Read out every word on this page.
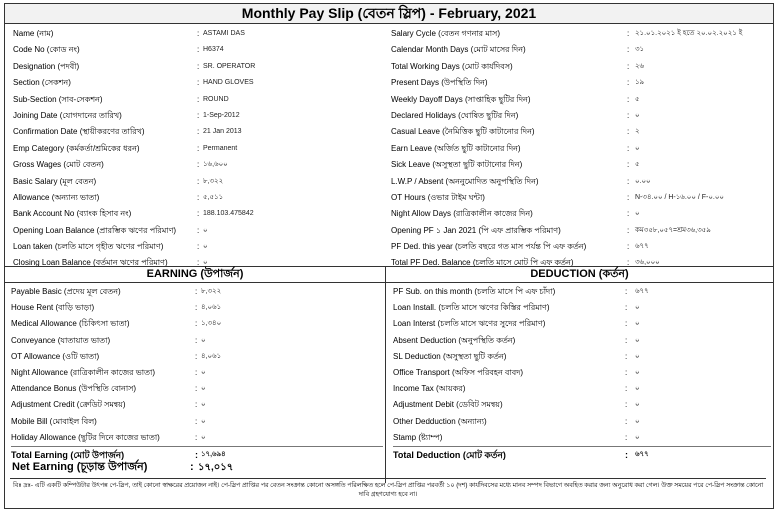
Monthly Pay Slip (বেতন স্লিপ) - February, 2021
Name (নাম)	: ASTAMI DAS
Code No (কোড নং)	: H6374
Designation (পদবী)	: SR. OPERATOR
Section (সেকশন)	: HAND GLOVES
Sub-Section (সাব-সেকশন)	: ROUND
Joining Date (যোগদানের তারিখ)	: 1-Sep-2012
Confirmation Date (স্থায়ীকরণের তারিখ)	: 21 Jan 2013
Emp Category (কর্মকর্তা/শ্রমিকের ধরন)	: Permanent
Gross Wages (মোট বেতন)	: ১৬,৬০০
Basic Salary (মূল বেতন)	: ৮,৩২২
Allowance (অন্যান্য ভাতা)	: ৫,৫১১
Bank Account No (ব্যাংক হিসাব নং)	: 188.103.475842
Opening Loan Balance (প্রারম্ভিক ঋণের পরিমাণ)	: ০
Loan taken (চলতি মাসে গৃহীত ঋণের পরিমাণ)	: ০
Closing Loan Balance (বর্তমান ঋণের পরিমাণ)	: ০
Salary Cycle (বেতন গণনার মাস)	: ২১.০১.২০২১ ই হতে ২০.০২.২০২১ ই
Calendar Month Days (মোট মাসের দিন)	: ৩১
Total Working Days (মোট কার্যদিবস)	: ২৬
Present Days (উপস্থিতি দিন)	: ১৯
Weekly Dayoff Days (সাপ্তাহিক ছুটির দিন)	: ৫
Declared Holidays (ঘোষিত ছুটির দিন)	: ০
Casual Leave (নৈমিত্তিক ছুটি কাটানোর দিন)	: ২
Earn Leave (অর্জিত ছুটি কাটানোর দিন)	: ০
Sick Leave (অসুস্থতা ছুটি কাটানোর দিন)	: ৫
L.W.P / Absent (অননুমোদিত অনুপস্থিতি দিন)	: ০.০০
OT Hours (ওভার টাইম ঘন্টা)	: N-৩৪.০০ / H-১৬.০০ / F-০.০০
Night Allow Days (রাত্রিকালীন কাজের দিন)	: ০
Opening PF ১ Jan 2021 (পি এফ প্রারম্ভিক পরিমাণ)	: কম৩৫৮,০৫৭=শ্রম৩৬,৩৫৯
PF Ded. this year (চলতি বছরে গত মাস পর্যন্ত পি এফ কর্তন)	: ৬৭৭
Total PF Ded. Balance (চলতি মাসে মোট পি এফ কর্তন)	: ৩৬,০০০
EARNING (উপার্জন)	DEDUCTION (কর্তন)
Payable Basic (প্রদেয় মূল বেতন)	: ৮,৩২২
House Rent (বাড়ি ভাড়া)	: ৪,০৬১
Medical Allowance (চিকিৎসা ভাতা)	: ১,৩৪০
Conveyance (যাতায়াত ভাতা)	: ০
OT Allowance (ওটি ভাতা)	: ৪,০৬১
Night Allowance (রাত্রিকালীন কাজের ভাতা)	: ০
Attendance Bonus (উপস্থিতি বোনাস)	: ০
Adjustment Credit (ক্রেডিট সমন্বয়)	: ০
Mobile Bill (মোবাইল বিল)	: ০
Holiday Allowance (ছুটির দিনে কাজের ভাতা)	: ০
Total Earning (মোট উপার্জন)	: ১৭,৬৯৪
PF Sub. on this month (চলতি মাসে পি এফ চাঁদা)	: ৬৭৭
Loan Install. (চলতি মাসে ঋণের কিস্তির পরিমাণ)	: ০
Loan Interst (চলতি মাসে ঋণের সুদের পরিমাণ)	: ০
Absent Deduction (অনুপস্থিতি কর্তন)	: ০
SL Deduction (অসুস্থতা ছুটি কর্তন)	: ০
Office Transport (অফিস পরিবহন বাবদ)	: ০
Income Tax (আয়কর)	: ০
Adjustment Debit (ডেবিট সমন্বয়)	: ০
Other Dedduction (অন্যান্য)	: ০
Stamp (ষ্ট্যাম্প)	: ০
Total Deduction (মোট কর্তন)	: ৬৭৭
Net Earning (চূড়ান্ত উপার্জন)	: ১৭,০১৭
বিঃ দ্রঃ- এটি একটি কম্পিউটার উৎপন্ন পে-স্লিপ, তাই কোনো স্বাক্ষরের প্রয়োজন নাই। পে-স্লিপ প্রাপ্তির পর বেতন সংক্রান্ত কোনো অসঙ্গতি পরিলক্ষিত হলে পে-স্লিপ প্রাপ্তির পরবর্তী ১০ (দশ) কার্যদিবসের মধ্যে মানব সম্পদ বিভাগে অবহিত করার জন্য অনুরোধ করা গেল। উক্ত সময়ের পরে পে-স্লিপ সংক্রান্ত কোনো দাবি গ্রহণযোগ্য হবে না।
